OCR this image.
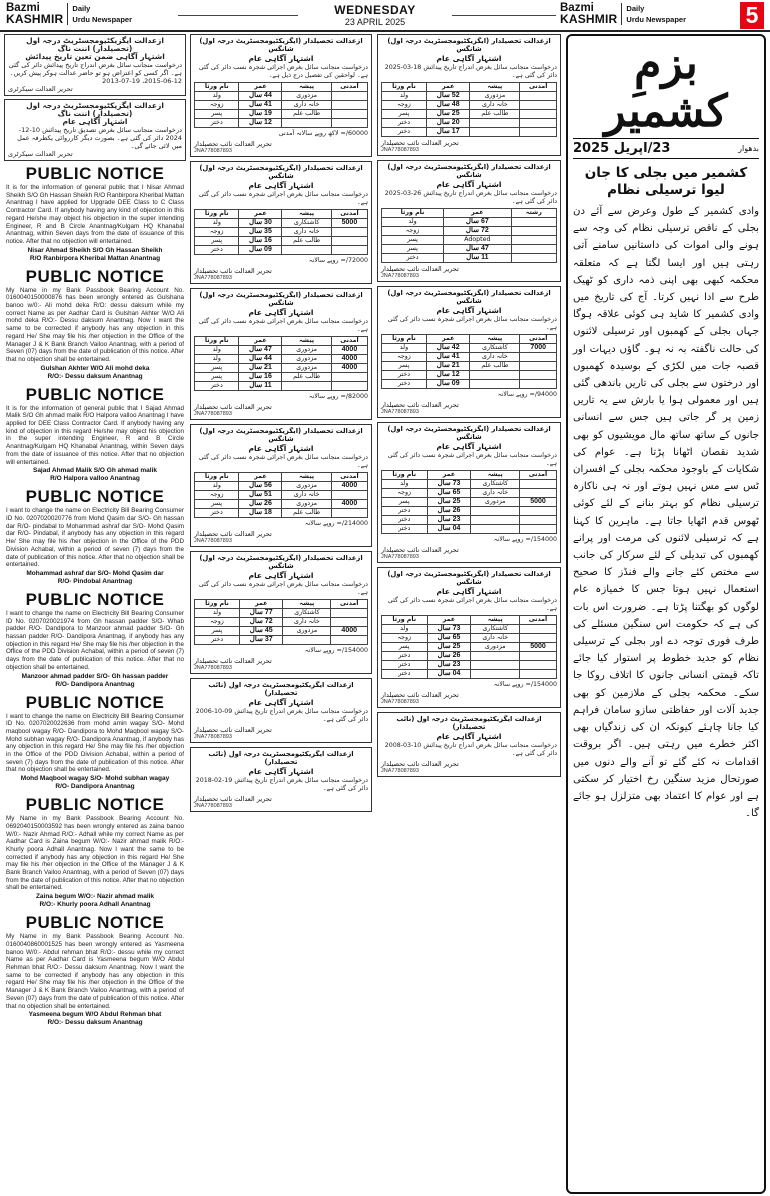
Bazmi
KASHMIR
Daily
Urdu Newspaper
WEDNESDAY
23 APRIL 2025
Bazmi
KASHMIR
Daily
Urdu Newspaper	5
ازعدالت ایگزیکٹیومجسٹریٹ درجہ اول (تحصیلدار) اننت ناگ
اشتہار آگاہی ضمن تعین تاریخ پیدائش
درخواست منجانب سائل بغرض اندراج تاریخ پیدائش دائر کی گئی ہے۔ اگر کسی کو اعتراض ہو تو حاضر عدالت ہوکر پیش کریں۔ 12-06-2015، 19-07-2013
تحریر العدالت سیکرٹری
ازعدالت ایگزیکٹیومجسٹریٹ درجہ اول (تحصیلدار) اننت ناگ
اشتہار آگاہی عام
درخواست منجانب سائل بغرض تصدیق تاریخ پیدائش 10-12-2024 دائر کی گئی ہے۔ بصورت دیگر کارروائی یکطرفہ عمل میں لائی جائے گی۔
تحریر العدالت سیکرٹری
PUBLIC NOTICE
It is for the information of general public that I Nisar Ahmad Sheikh S/O Gh Hassan Sheikh R/O Ranbirpora Kheribal Mattan Anantnag I have applied for Upgrade DEE Class to C Class Contractor Card. If anybody having any kind of objection in this regard He/she may object his objection in the super intending Engineer, R and B Circle Anantnag/Kulgam HQ Khanabal Anantnag, within Seven days from the date of issuance of this notice. After that no objection will entertained.
Nisar Ahmad Sheikh S/O Gh Hassan Sheikh
R/O Ranbirpora Kheribal Mattan Anantnag
PUBLIC NOTICE
My Name in my Bank Passbook Bearing Account No. 0160040150000876 has been wrongly entered as Gulshana banoo w/0:- Ali mohd deka R/O: dessu daksum while my correct Name as per Aadhar Card is Gulshan Akhter W/O Ali mohd deka R/O:- Dessu daksum Anantnag. Now I want the same to be corrected if anybody has any objection in this regard He/ She may file his /her objection in the Office of the Manager J & K Bank Branch Vailoo Anantnag, with a period of Seven (07) days from the date of publication of this notice. After that no objection shall be entertained.
Gulshan Akhter W/O Ali mohd deka
R/O:- Dessu daksum Anantnag
PUBLIC NOTICE
It is for the information of general public that I Sajad Ahmad Malik S/O Gh ahmad malik R/O Halpora valloo Anantnag I have applied for DEE Class Contractor Card. If anybody having any kind of objection in this regard He/she may object his objection in the super intending Engineer, R and B Circle Anantnag/Kulgam HQ Khanabal Anantnag, within Seven days from the date of issuance of this notice. After that no objection will entertained.
Sajad Ahmad Malik S/O Gh ahmad malik
R/O Halpora valloo Anantnag
PUBLIC NOTICE
I want to change the name on Electricity Bill Bearing Consumer ID No. 0207020020776 from Mohd Qasim dar S/O- Gh hassan dar R/O- pindabal to Mohammad ashraf dar S/O- Mohd Qasim dar R/O- Pindabal, if anybody has any objection in this regard He/ She may file his /her objection in the Office of the PDD Division Achabal, within a period of seven (7) days from the date of publication of this notice. After that no objection shall be entertained.
Mohammad ashraf dar S/O- Mohd Qasim dar
R/O- Pindobal Anantnag
PUBLIC NOTICE
I want to change the name on Electricity Bill Bearing Consumer ID No. 0207020021974 from Gh hassan padder S/O- Whab padder R/O- Dandipora to Manzoor ahmad padder S/O- Gh hassan padder R/O- Dandipora Anantnag, if anybody has any objection in this regard He/ She may file his /her objection in the Office of the PDD Division Achabal, within a period of seven (7) days from the date of publication of this notice. After that no objection shall be entertained.
Manzoor ahmad padder S/O- Gh hassan padder
R/O- Dandipora Anantnag
PUBLIC NOTICE
I want to change the name on Electricity Bill Bearing Consumer ID No. 0207020022636 from mohd amin wagay S/O- Mohd maqbool wagay R/O- Dandipora to Mohd Maqbool wagay S/O- Mohd subhan wagay R/O- Dandipora Anantnag, if anybody has any objection in this regard He/ She may file his /her objection in the Office of the PDD Division Achabal, within a period of seven (7) days from the date of publication of this notice. After that no objection shall be entertained.
Mohd Maqbool wagay S/O- Mohd subhan wagay
R/O- Dandipora Anantnag
PUBLIC NOTICE
My Name in my Bank Passbook Bearing Account No. 0692040150003592 has been wrongly entered as zaina banoo W/0:- Nazir Ahmad R/O:- Adhall while my correct Name as per Aadhar Card is Zaina begum W/O:- Nazir ahmad malik R/O:- Khurly poora Adhall Anantnag. Now I want the same to be corrected if anybody has any objection in this regard He/ She may file his /her objection in the Office of the Manager J & K Bank Branch Vailoo Anantnag, with a period of Seven (07) days from the date of publication of this notice. After that no objection shall be entertained.
Zaina begum W/O:- Nazir ahmad malik
R/O:- Khurly poora Adhall Anantnag
PUBLIC NOTICE
My Name in my Bank Passbook Bearing Account No. 0160040860001525 has been wrongly entered as Yasmeena banoo W/0:- Abdul rehman bhat R/O:- dessu while my correct Name as per Aadhar Card is Yasmeena begum W/O Abdul Rehman bhat R/O:- Dessu daksum Anantnag. Now I want the same to be corrected if anybody has any objection in this regard He/ She may file his /her objection in the Office of the Manager J & K Bank Branch Vailoo Anantnag, with a period of Seven (07) days from the date of publication of this notice. After that no objection shall be entertained.
Yasmeena begum W/O Abdul Rehman bhat
R/O:- Dessu daksum Anantnag
ازعدالت تحصیلدار (ایگزیکٹیومجسٹریٹ درجہ اول) شانگس
اشتہار آگاہی عام
درخواست منجانب سائل بغرض اجرائی شجرہ نسب دائر کی گئی ہے۔ لواحقین کی تفصیل درج ذیل ہے۔
آمدنی	پیشہ	عمر	نام ورثا
	مزدوری	44 سال	ولد
	خانہ داری	41 سال	زوجہ
	طالب علم	19 سال	پسر
		12 سال	دختر
60000/= لاکھ روپے سالانہ آمدنی
تحریر العدالت نائب تحصیلدار
JNA778087893
ازعدالت تحصیلدار (ایگزیکٹیومجسٹریٹ درجہ اول) شانگس
اشتہار آگاہی عام
درخواست منجانب سائل بغرض اجرائی شجرہ نسب دائر کی گئی ہے۔
آمدنی	پیشہ	عمر	نام ورثا
5000	کاشتکاری	30 سال	ولد
	خانہ داری	35 سال	زوجہ
	طالب علم	16 سال	پسر
		09 سال	دختر
72000/= روپے سالانہ
تحریر العدالت نائب تحصیلدار
JNA778087893
ازعدالت تحصیلدار (ایگزیکٹیومجسٹریٹ درجہ اول) شانگس
اشتہار آگاہی عام
درخواست منجانب سائل بغرض اجرائی شجرہ نسب دائر کی گئی ہے۔
آمدنی	پیشہ	عمر	نام ورثا
4000	مزدوری	47 سال	ولد
4000	مزدوری	44 سال	ولد
4000	مزدوری	21 سال	پسر
	طالب علم	16 سال	پسر
		11 سال	دختر
82000/= روپے سالانہ
تحریر العدالت نائب تحصیلدار
JNA778087893
ازعدالت تحصیلدار (ایگزیکٹیومجسٹریٹ درجہ اول) شانگس
اشتہار آگاہی عام
درخواست منجانب سائل بغرض اجرائی شجرہ نسب دائر کی گئی ہے۔
آمدنی	پیشہ	عمر	نام ورثا
4000	مزدوری	56 سال	ولد
	خانہ داری	51 سال	زوجہ
4000	مزدوری	26 سال	پسر
	طالب علم	18 سال	دختر
214000/= روپے سالانہ
تحریر العدالت نائب تحصیلدار
JNA778087893
ازعدالت تحصیلدار (ایگزیکٹیومجسٹریٹ درجہ اول) شانگس
اشتہار آگاہی عام
درخواست منجانب سائل بغرض اجرائی شجرہ نسب دائر کی گئی ہے۔
آمدنی	پیشہ	عمر	نام ورثا
	کاشتکاری	77 سال	ولد
	خانہ داری	72 سال	زوجہ
4000	مزدوری	45 سال	پسر
		37 سال	دختر
154000/= روپے سالانہ
تحریر العدالت نائب تحصیلدار
JNA778087893
ازعدالت ایگزیکٹیومجسٹریٹ درجہ اول (نائب تحصیلدار)
اشتہار آگاہی عام
درخواست منجانب سائل بغرض اندراج تاریخ پیدائش 09-10-2006 دائر کی گئی ہے۔
تحریر العدالت نائب تحصیلدار
JNA778087893
ازعدالت ایگزیکٹیومجسٹریٹ درجہ اول (نائب تحصیلدار)
اشتہار آگاہی عام
درخواست منجانب سائل بغرض اندراج تاریخ پیدائش 19-02-2018 دائر کی گئی ہے۔
تحریر العدالت نائب تحصیلدار
JNA778087893
ازعدالت تحصیلدار (ایگزیکٹیومجسٹریٹ درجہ اول) شانگس
اشتہار آگاہی عام
درخواست منجانب سائل بغرض اندراج تاریخ پیدائش 18-03-2025 دائر کی گئی ہے۔
آمدنی	پیشہ	عمر	نام ورثا
	مزدوری	52 سال	ولد
	خانہ داری	48 سال	زوجہ
	طالب علم	25 سال	پسر
		20 سال	دختر
		17 سال	دختر
تحریر العدالت نائب تحصیلدار
JNA778087893
ازعدالت تحصیلدار (ایگزیکٹیومجسٹریٹ درجہ اول) شانگس
اشتہار آگاہی عام
درخواست منجانب سائل بغرض اندراج تاریخ پیدائش 26-03-2025 دائر کی گئی ہے۔
رشتہ	عمر	نام ورثا
	67 سال	ولد
	72 سال	زوجہ
	Adopted	پسر
	47 سال	پسر
	11 سال	دختر
تحریر العدالت نائب تحصیلدار
JNA778087893
ازعدالت تحصیلدار (ایگزیکٹیومجسٹریٹ درجہ اول) شانگس
اشتہار آگاہی عام
درخواست منجانب سائل بغرض اجرائی شجرہ نسب دائر کی گئی ہے۔
آمدنی	پیشہ	عمر	نام ورثا
7000	کاشتکاری	42 سال	ولد
	خانہ داری	41 سال	زوجہ
	طالب علم	21 سال	پسر
		12 سال	دختر
		09 سال	دختر
94000/= روپے سالانہ
تحریر العدالت نائب تحصیلدار
JNA778087893
ازعدالت تحصیلدار (ایگزیکٹیومجسٹریٹ درجہ اول) شانگس
اشتہار آگاہی عام
درخواست منجانب سائل بغرض اجرائی شجرہ نسب دائر کی گئی ہے۔
آمدنی	پیشہ	عمر	نام ورثا
	کاشتکاری	73 سال	ولد
	خانہ داری	65 سال	زوجہ
5000	مزدوری	25 سال	پسر
		26 سال	دختر
		23 سال	دختر
		04 سال	دختر
154000/= روپے سالانہ
تحریر العدالت نائب تحصیلدار
JNA778087893
ازعدالت تحصیلدار (ایگزیکٹیومجسٹریٹ درجہ اول) شانگس
اشتہار آگاہی عام
درخواست منجانب سائل بغرض اجرائی شجرہ نسب دائر کی گئی ہے۔
آمدنی	پیشہ	عمر	نام ورثا
	کاشتکاری	73 سال	ولد
	خانہ داری	65 سال	زوجہ
5000	مزدوری	25 سال	پسر
		26 سال	دختر
		23 سال	دختر
		04 سال	دختر
154000/= روپے سالانہ
تحریر العدالت نائب تحصیلدار
JNA778087893
ازعدالت ایگزیکٹیومجسٹریٹ درجہ اول (نائب تحصیلدار)
اشتہار آگاہی عام
درخواست منجانب سائل بغرض اندراج تاریخ پیدائش 10-03-2008 دائر کی گئی ہے۔
تحریر العدالت نائب تحصیلدار
JNA778087893
بزمِ کشمیر
بدھوار
23/اپریل 2025
کشمیر میں بجلی کا جان لیوا ترسیلی نظام
وادی کشمیر کے طول وعرض سے آئے دن بجلی کے ناقص ترسیلی نظام کی وجہ سے ہونے والی اموات کی داستانیں سامنے آتی رہتی ہیں اور ایسا لگتا ہے کہ متعلقہ محکمہ کبھی بھی اپنی ذمہ داری کو ٹھیک طرح سے ادا نہیں کرتا۔ آج کی تاریخ میں وادی کشمیر کا شاید ہی کوئی علاقہ ہوگا جہاں بجلی کے کھمبوں اور ترسیلی لائنوں کی حالت ناگفتہ بہ نہ ہو۔ گاؤں دیہات اور قصبہ جات میں لکڑی کے بوسیدہ کھمبوں اور درختوں سے بجلی کی تاریں باندھی گئی ہیں اور معمولی ہوا یا بارش سے یہ تاریں زمین پر گر جاتی ہیں جس سے انسانی جانوں کے ساتھ ساتھ مال مویشیوں کو بھی شدید نقصان اٹھانا پڑتا ہے۔ عوام کی شکایات کے باوجود محکمہ بجلی کے افسران ٹس سے مس نہیں ہوتے اور نہ ہی ناکارہ ترسیلی نظام کو بہتر بنانے کے لئے کوئی ٹھوس قدم اٹھایا جاتا ہے۔ ماہرین کا کہنا ہے کہ ترسیلی لائنوں کی مرمت اور پرانے کھمبوں کی تبدیلی کے لئے سرکار کی جانب سے مختص کئے جانے والے فنڈز کا صحیح استعمال نہیں ہوتا جس کا خمیازہ عام لوگوں کو بھگتنا پڑتا ہے۔ ضرورت اس بات کی ہے کہ حکومت اس سنگین مسئلے کی طرف فوری توجہ دے اور بجلی کے ترسیلی نظام کو جدید خطوط پر استوار کیا جائے تاکہ قیمتی انسانی جانوں کا اتلاف روکا جا سکے۔ محکمہ بجلی کے ملازمین کو بھی جدید آلات اور حفاظتی سازو سامان فراہم کیا جانا چاہئے کیونکہ ان کی زندگیاں بھی اکثر خطرے میں رہتی ہیں۔ اگر بروقت اقدامات نہ کئے گئے تو آنے والے دنوں میں صورتحال مزید سنگین رخ اختیار کر سکتی ہے اور عوام کا اعتماد بھی متزلزل ہو جائے گا۔
